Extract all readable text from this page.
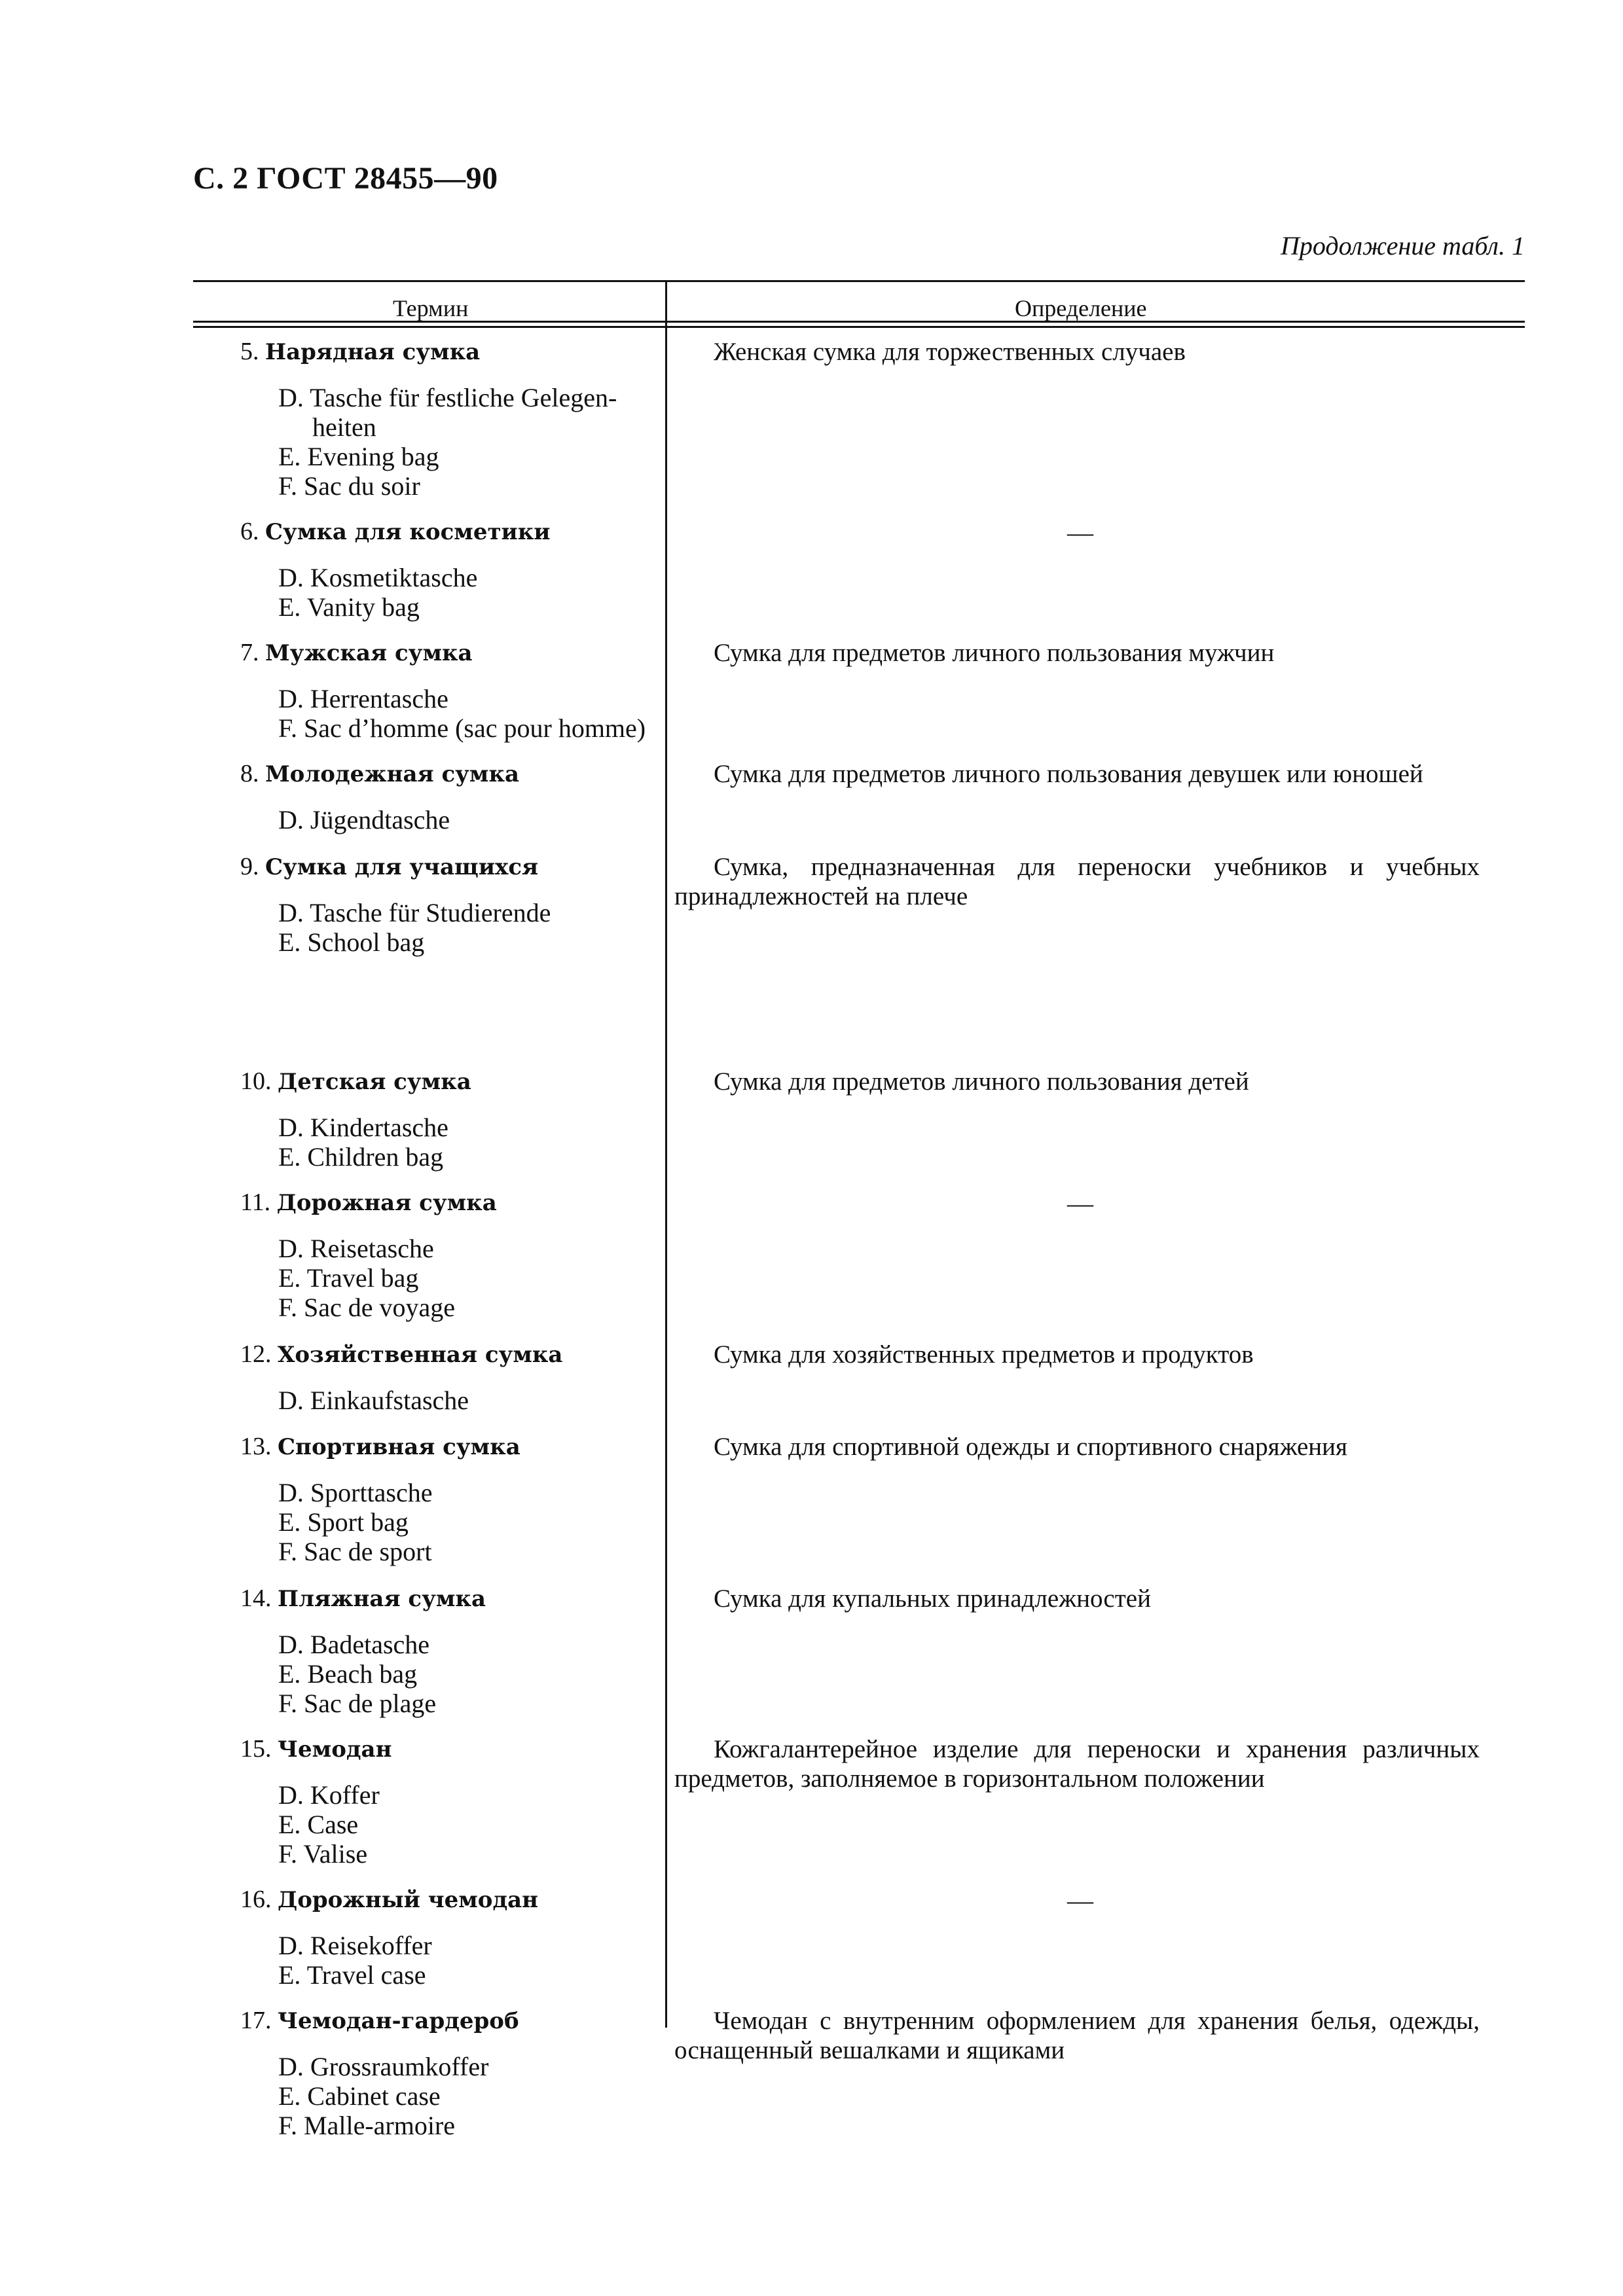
С. 2 ГОСТ 28455—90
Продолжение табл. 1
Термин	Определение
5. Нарядная сумка
D. Tasche für festliche Gelegen-
heiten
E. Evening bag
F. Sac du soir
Женская сумка для торжественных случаев
6. Сумка для косметики
D. Kosmetiktasche
E. Vanity bag
—
7. Мужская сумка
D. Herrentasche
F. Sac d’homme (sac pour homme)
Сумка для предметов личного пользования мужчин
8. Молодежная сумка
D. Jügendtasche
Сумка для предметов личного пользования девушек или юношей
9. Сумка для учащихся
D. Tasche für Studierende
E. School bag
Сумка, предназначенная для переноски учебников и учебных принадлежностей на плече
10. Детская сумка
D. Kindertasche
E. Children bag
Сумка для предметов личного пользования детей
11. Дорожная сумка
D. Reisetasche
E. Travel bag
F. Sac de voyage
—
12. Хозяйственная сумка
D. Einkaufstasche
Сумка для хозяйственных предметов и продуктов
13. Спортивная сумка
D. Sporttasche
E. Sport bag
F. Sac de sport
Сумка для спортивной одежды и спортивного снаряжения
14. Пляжная сумка
D. Badetasche
E. Beach bag
F. Sac de plage
Сумка для купальных принадлежностей
15. Чемодан
D. Koffer
E. Case
F. Valise
Кожгалантерейное изделие для переноски и хранения различных предметов, заполняемое в горизонтальном положении
16. Дорожный чемодан
D. Reisekoffer
E. Travel case
—
17. Чемодан-гардероб
D. Grossraumkoffer
E. Cabinet case
F. Malle-armoire
Чемодан с внутренним оформлением для хранения белья, одежды, оснащенный вешалками и ящиками
